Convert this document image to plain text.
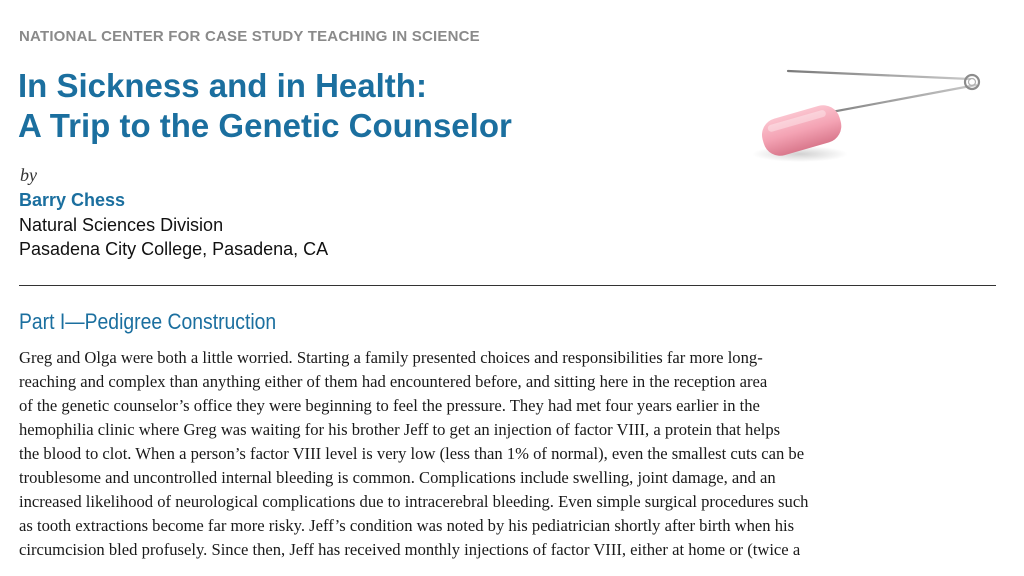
NATIONAL CENTER FOR CASE STUDY TEACHING IN SCIENCE
In Sickness and in Health:
A Trip to the Genetic Counselor
by
Barry Chess
Natural Sciences Division
Pasadena City College, Pasadena, CA
Part I—Pedigree Construction
Greg and Olga were both a little worried. Starting a family presented choices and responsibilities far more long-
reaching and complex than anything either of them had encountered before, and sitting here in the reception area
of the genetic counselor’s office they were beginning to feel the pressure. They had met four years earlier in the
hemophilia clinic where Greg was waiting for his brother Jeff to get an injection of factor VIII, a protein that helps
the blood to clot. When a person’s factor VIII level is very low (less than 1% of normal), even the smallest cuts can be
troublesome and uncontrolled internal bleeding is common. Complications include swelling, joint damage, and an
increased likelihood of neurological complications due to intracerebral bleeding. Even simple surgical procedures such
as tooth extractions become far more risky. Jeff’s condition was noted by his pediatrician shortly after birth when his
circumcision bled profusely. Since then, Jeff has received monthly injections of factor VIII, either at home or (twice a
